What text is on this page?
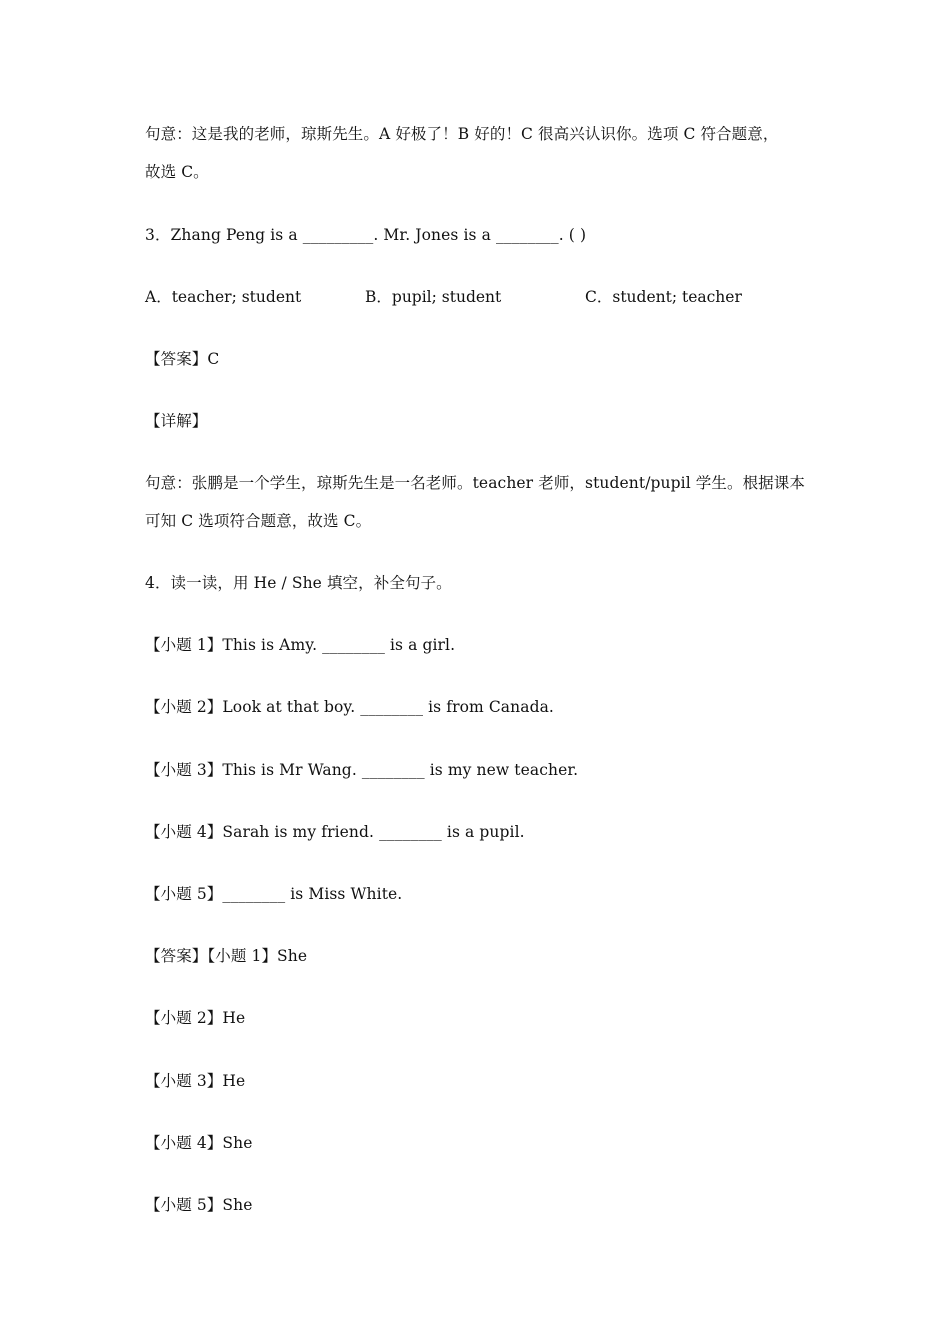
句意：这是我的老师，琼斯先生。A 好极了！B 好的！C 很高兴认识你。选项 C 符合题意，
故选 C。
3．Zhang Peng is a _________. Mr. Jones is a ________. ( )
A．teacher; student	B．pupil; student	C．student; teacher
【答案】C
【详解】
句意：张鹏是一个学生，琼斯先生是一名老师。teacher 老师，student/pupil 学生。根据课本
可知 C 选项符合题意，故选 C。
4．读一读，用 He / She 填空，补全句子。
【小题 1】This is Amy. ________ is a girl.
【小题 2】Look at that boy. ________ is from Canada.
【小题 3】This is Mr Wang. ________ is my new teacher.
【小题 4】Sarah is my friend. ________ is a pupil.
【小题 5】________ is Miss White.
【答案】【小题 1】She
【小题 2】He
【小题 3】He
【小题 4】She
【小题 5】She
